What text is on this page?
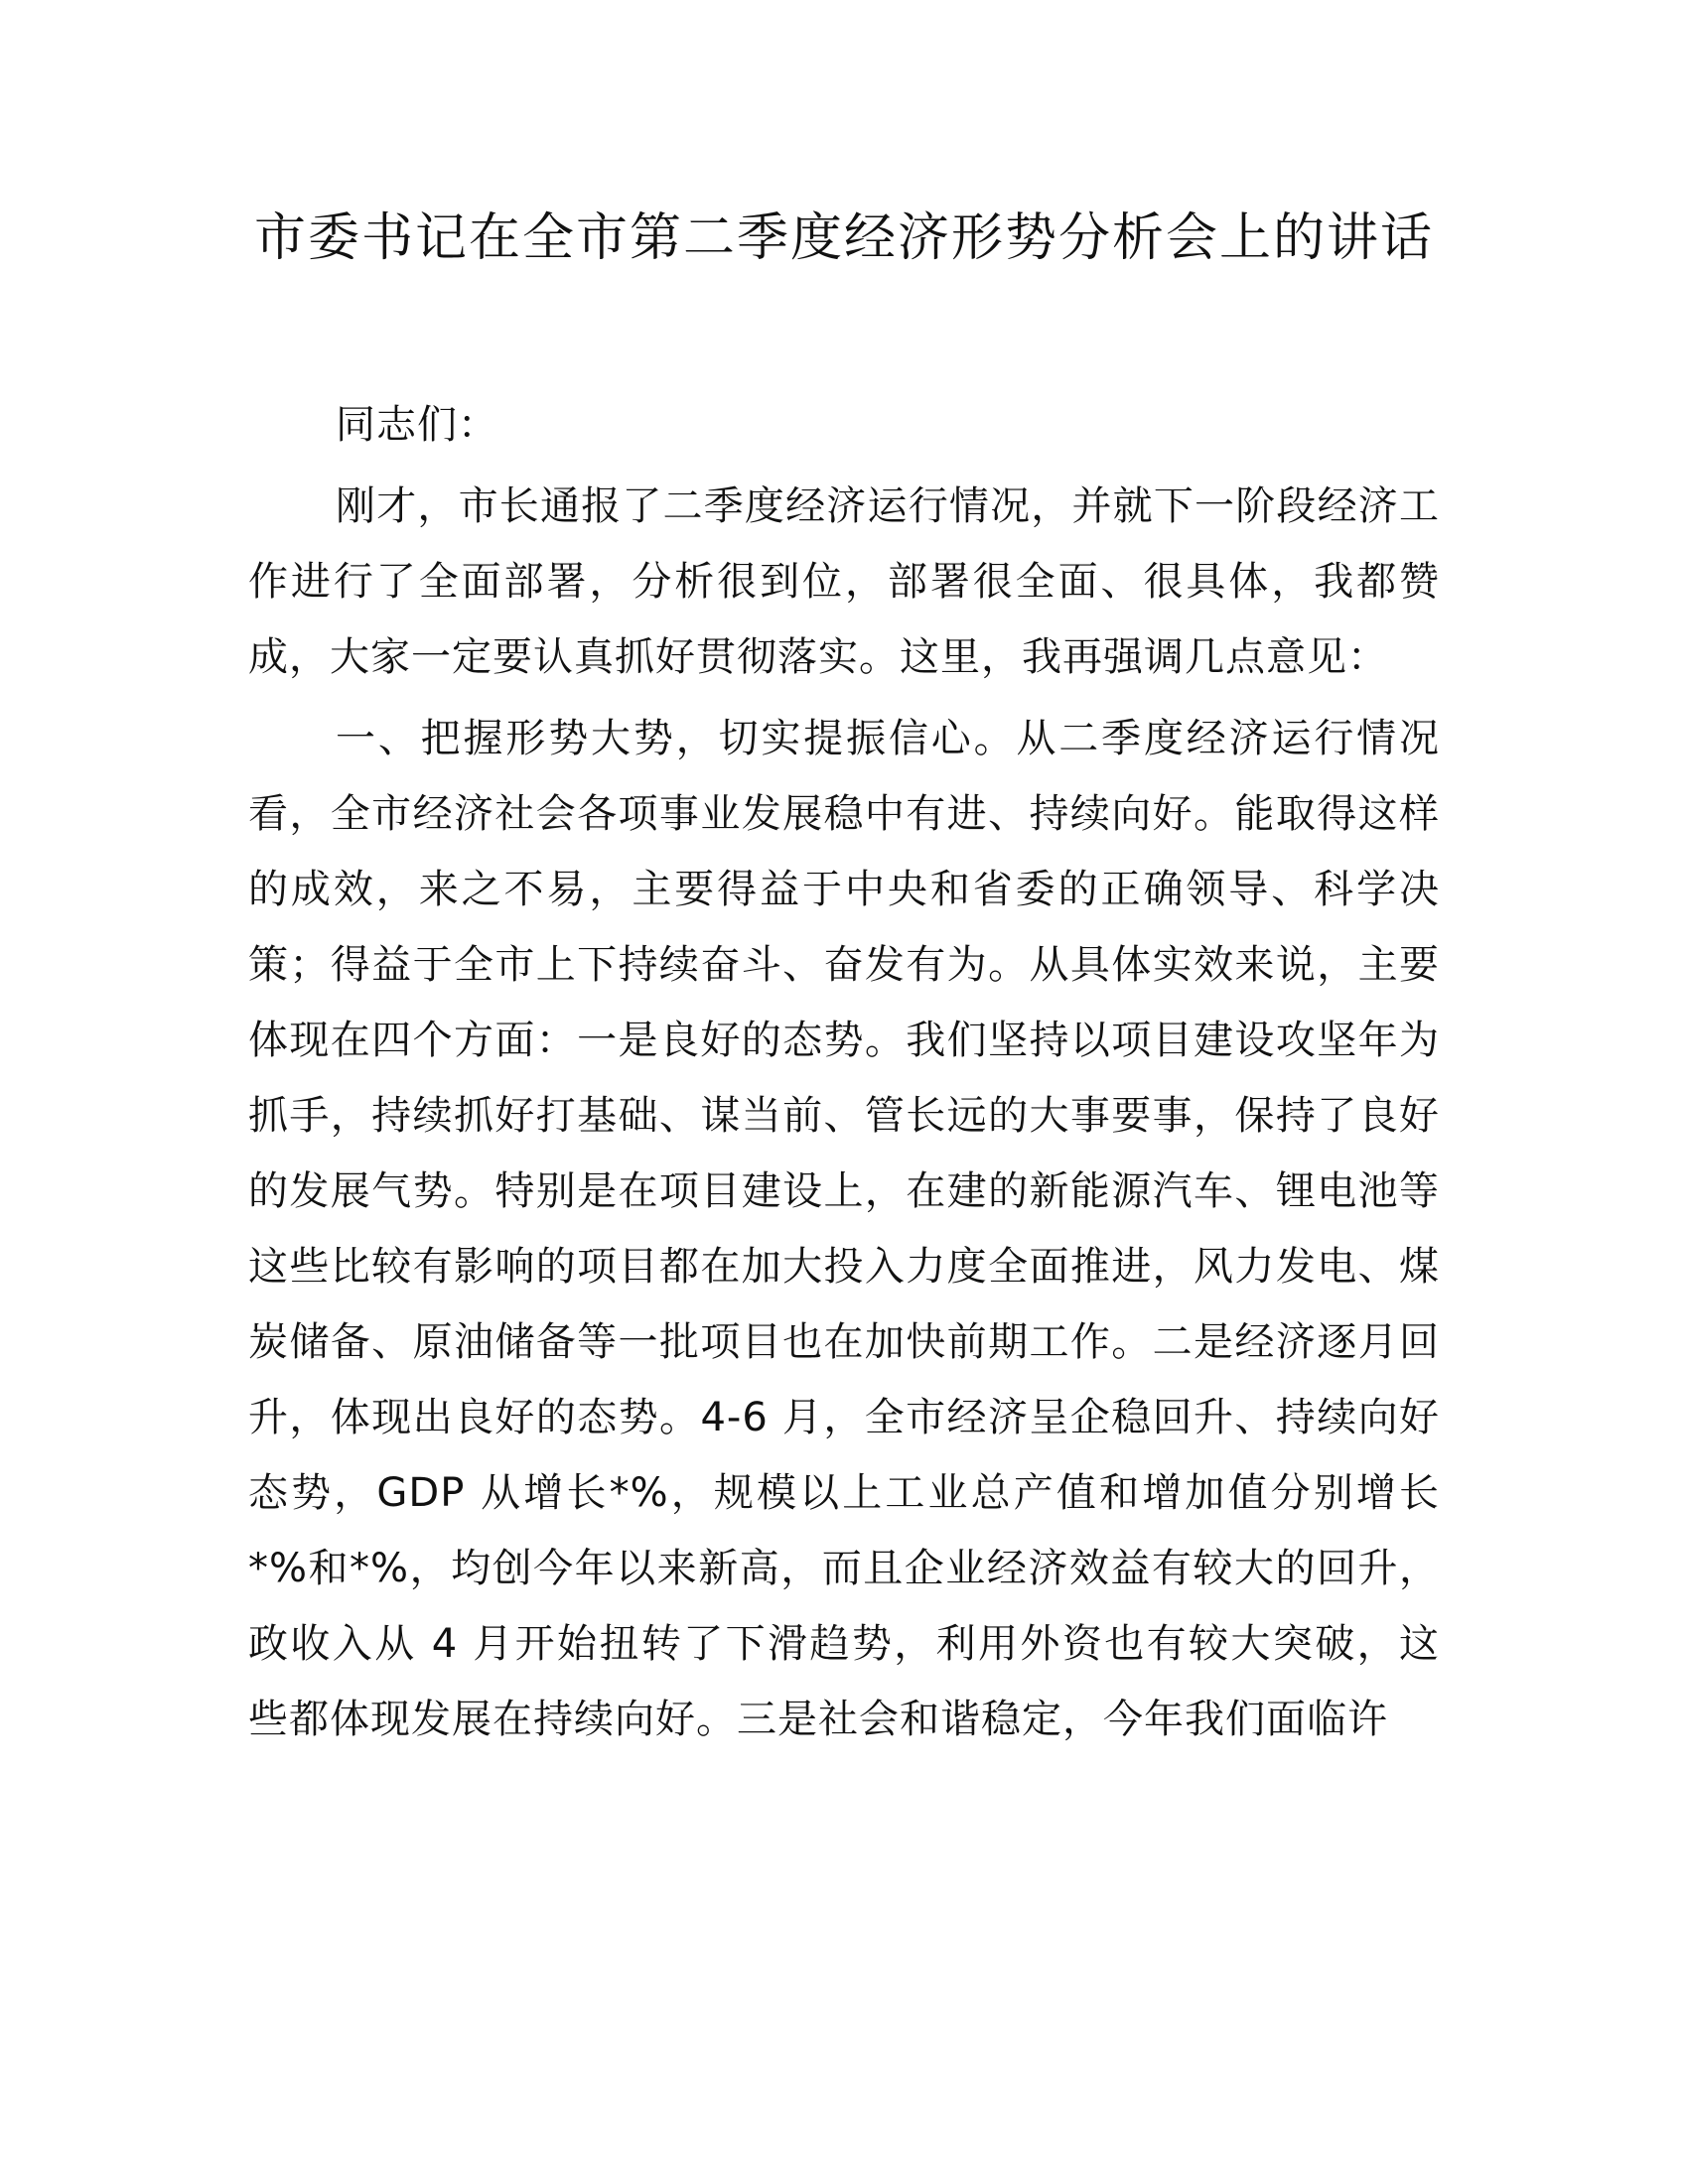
市委书记在全市第二季度经济形势分析会上的讲话

同志们：

刚才，市长通报了二季度经济运行情况，并就下一阶段经济工作进行了全面部署，分析很到位，部署很全面、很具体，我都赞成，大家一定要认真抓好贯彻落实。这里，我再强调几点意见：

一、把握形势大势，切实提振信心。从二季度经济运行情况看，全市经济社会各项事业发展稳中有进、持续向好。能取得这样的成效，来之不易，主要得益于中央和省委的正确领导、科学决策；得益于全市上下持续奋斗、奋发有为。从具体实效来说，主要体现在四个方面：一是良好的态势。我们坚持以项目建设攻坚年为抓手，持续抓好打基础、谋当前、管长远的大事要事，保持了良好的发展气势。特别是在项目建设上，在建的新能源汽车、锂电池等这些比较有影响的项目都在加大投入力度全面推进，风力发电、煤炭储备、原油储备等一批项目也在加快前期工作。二是经济逐月回升，体现出良好的态势。4-6 月，全市经济呈企稳回升、持续向好态势，GDP 从增长*%，规模以上工业总产值和增加值分别增长*%和*%，均创今年以来新高，而且企业经济效益有较大的回升，政收入从 4 月开始扭转了下滑趋势，利用外资也有较大突破，这些都体现发展在持续向好。三是社会和谐稳定，今年我们面临许
